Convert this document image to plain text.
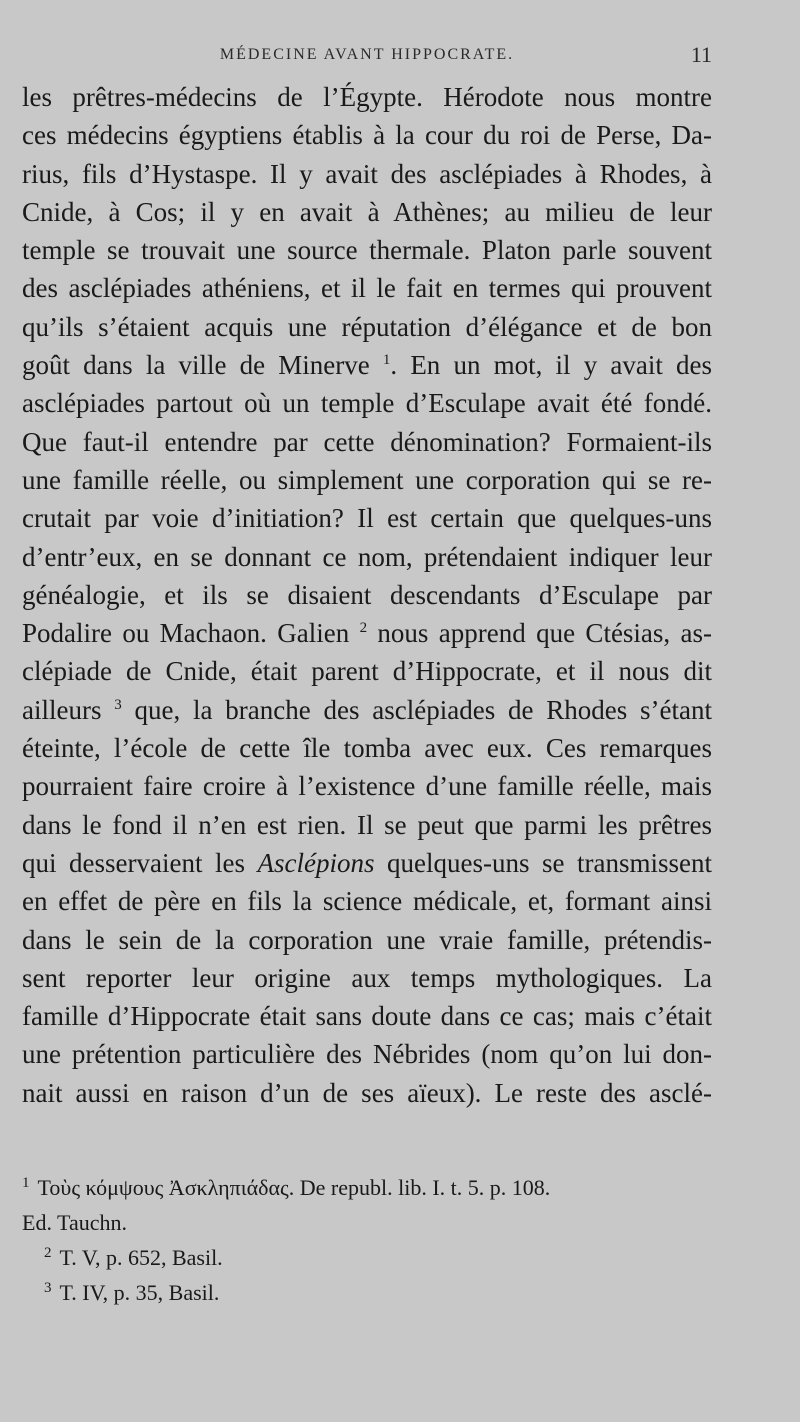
MÉDECINE AVANT HIPPOCRATE.	11
les prêtres-médecins de l’Égypte. Hérodote nous montre
ces médecins égyptiens établis à la cour du roi de Perse, Da-
rius, fils d’Hystaspe. Il y avait des asclépiades à Rhodes, à
Cnide, à Cos; il y en avait à Athènes; au milieu de leur
temple se trouvait une source thermale. Platon parle souvent
des asclépiades athéniens, et il le fait en termes qui prouvent
qu’ils s’étaient acquis une réputation d’élégance et de bon
goût dans la ville de Minerve $^1$. En un mot, il y avait des
asclépiades partout où un temple d’Esculape avait été fondé.
Que faut-il entendre par cette dénomination? Formaient-ils
une famille réelle, ou simplement une corporation qui se re-
crutait par voie d’initiation? Il est certain que quelques-uns
d’entr’eux, en se donnant ce nom, prétendaient indiquer leur
généalogie, et ils se disaient descendants d’Esculape par
Podalire ou Machaon. Galien $^2$ nous apprend que Ctésias, as-
clépiade de Cnide, était parent d’Hippocrate, et il nous dit
ailleurs $^3$ que, la branche des asclépiades de Rhodes s’étant
éteinte, l’école de cette île tomba avec eux. Ces remarques
pourraient faire croire à l’existence d’une famille réelle, mais
dans le fond il n’en est rien. Il se peut que parmi les prêtres
qui desservaient les Asclépions quelques-uns se transmissent
en effet de père en fils la science médicale, et, formant ainsi
dans le sein de la corporation une vraie famille, prétendis-
sent reporter leur origine aux temps mythologiques. La
famille d’Hippocrate était sans doute dans ce cas; mais c’était
une prétention particulière des Nébrides (nom qu’on lui don-
nait aussi en raison d’un de ses aïeux). Le reste des asclé-
$^1$ Τοὺς κόμψους Ἀσκληπιάδας. De republ. lib. I. t. 5. p. 108.
Ed. Tauchn.
$^2$ T. V, p. 652, Basil.
$^3$ T. IV, p. 35, Basil.
